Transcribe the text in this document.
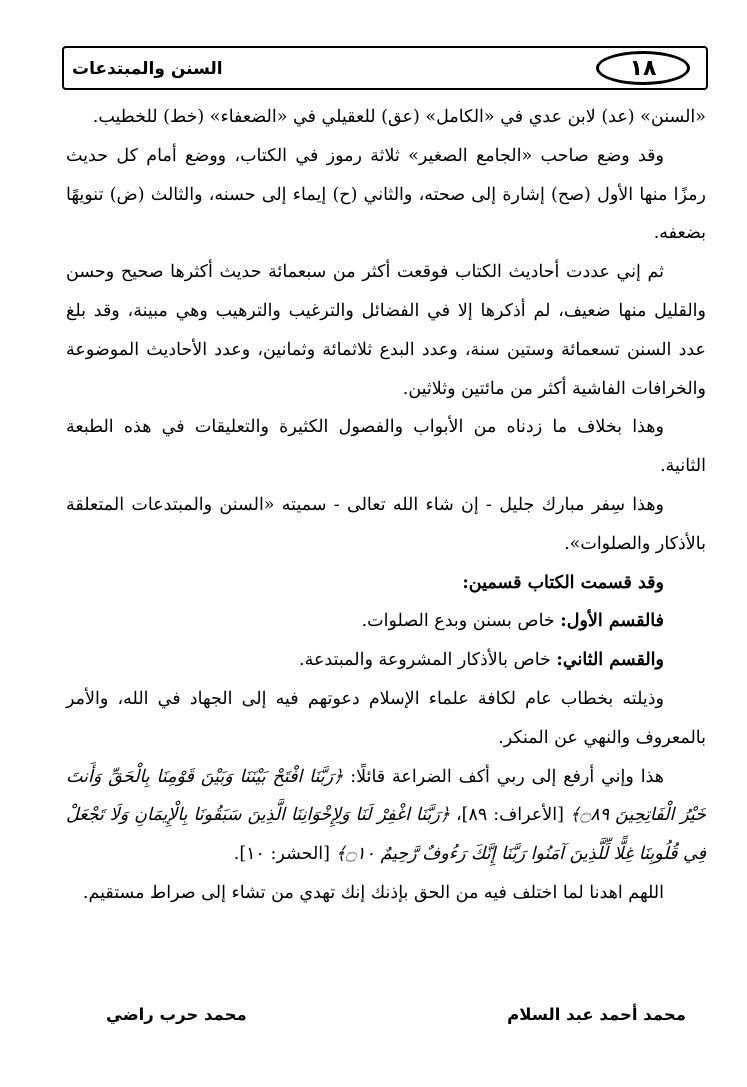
١٨
السنن والمبتدعات

«السنن» (عد) لابن عدي في «الكامل» (عق) للعقيلي في «الضعفاء» (خط) للخطيب.

وقد وضع صاحب «الجامع الصغير» ثلاثة رموز في الكتاب، ووضع أمام كل حديث رمزًا منها الأول (صح) إشارة إلى صحته، والثاني (ح) إيماء إلى حسنه، والثالث (ض) تنويهًا بضعفه.

ثم إني عددت أحاديث الكتاب فوقعت أكثر من سبعمائة حديث أكثرها صحيح وحسن والقليل منها ضعيف، لم أذكرها إلا في الفضائل والترغيب والترهيب وهي مبينة، وقد بلغ عدد السنن تسعمائة وستين سنة، وعدد البدع ثلاثمائة وثمانين، وعدد الأحاديث الموضوعة والخرافات الفاشية أكثر من مائتين وثلاثين.

وهذا بخلاف ما زدناه من الأبواب والفصول الكثيرة والتعليقات في هذه الطبعة الثانية.

وهذا سِفر مبارك جليل - إن شاء الله تعالى - سميته «السنن والمبتدعات المتعلقة بالأذكار والصلوات».

وقد قسمت الكتاب قسمين:

فالقسم الأول: خاص بسنن وبدع الصلوات.

والقسم الثاني: خاص بالأذكار المشروعة والمبتدعة.

وذيلته بخطاب عام لكافة علماء الإسلام دعوتهم فيه إلى الجهاد في الله، والأمر بالمعروف والنهي عن المنكر.

هذا وإني أرفع إلى ربي أكف الضراعة قائلًا: ﴿رَبَّنَا افْتَحْ بَيْنَنَا وَبَيْنَ قَوْمِنَا بِالْحَقِّ وَأَنتَ خَيْرُ الْفَاتِحِينَ ۝٨٩﴾ [الأعراف: ٨٩]، ﴿رَبَّنَا اغْفِرْ لَنَا وَلِإِخْوَانِنَا الَّذِينَ سَبَقُونَا بِالْإِيمَانِ وَلَا تَجْعَلْ فِي قُلُوبِنَا غِلًّا لِّلَّذِينَ آمَنُوا رَبَّنَا إِنَّكَ رَءُوفٌ رَّحِيمٌ ۝١٠﴾ [الحشر: ١٠].

اللهم اهدنا لما اختلف فيه من الحق بإذنك إنك تهدي من تشاء إلى صراط مستقيم.

محمد أحمد عبد السلام
محمد حرب راضي
